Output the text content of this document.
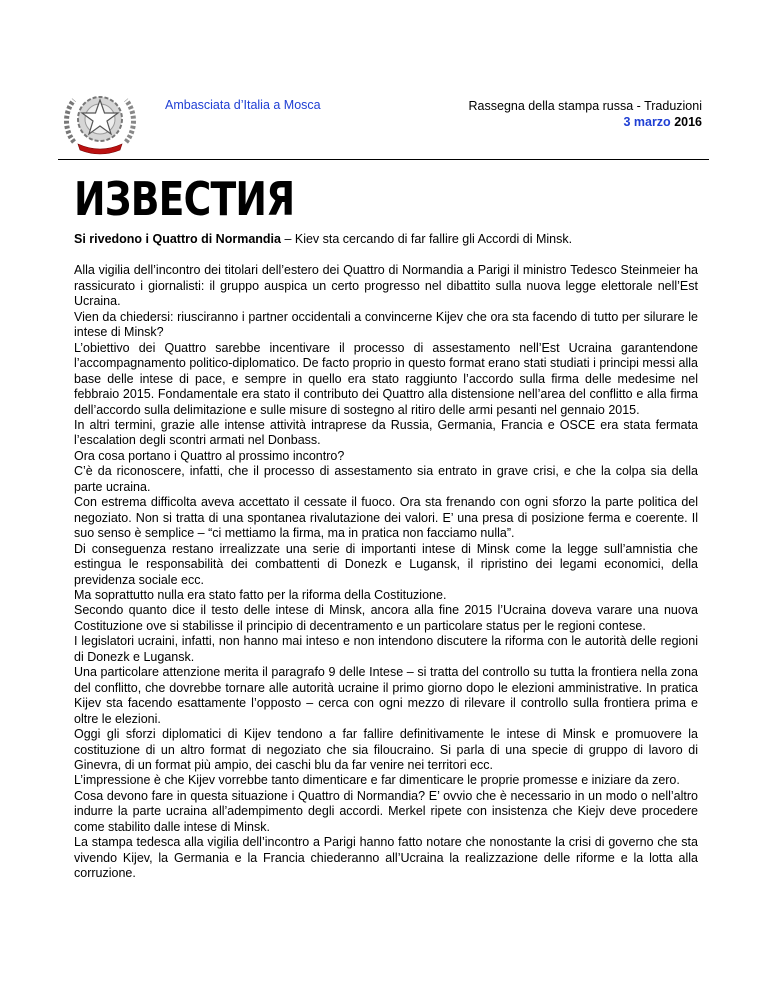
Ambasciata d’Italia a Mosca	Rassegna della stampa russa - Traduzioni
3 marzo 2016
ИЗВЕСТИЯ

Si rivedono i Quattro di Normandia – Kiev sta cercando di far fallire gli Accordi di Minsk.

Alla vigilia dell’incontro dei titolari dell’estero dei Quattro di Normandia a Parigi il ministro Tedesco Steinmeier ha rassicurato i giornalisti: il gruppo auspica un certo progresso nel dibattito sulla nuova legge elettorale nell’Est Ucraina.

Vien da chiedersi: riusciranno i partner occidentali a convincerne Kijev che ora sta facendo di tutto per silurare le intese di Minsk?

L’obiettivo dei Quattro sarebbe incentivare il processo di assestamento nell’Est Ucraina garantendone l’accompagnamento politico-diplomatico. De facto proprio in questo format erano stati studiati i principi messi alla base delle intese di pace, e sempre in quello era stato raggiunto l’accordo sulla firma delle medesime nel febbraio 2015. Fondamentale era stato il contributo dei Quattro alla distensione nell’area del conflitto e alla firma dell’accordo sulla delimitazione e sulle misure di sostegno al ritiro delle armi pesanti nel gennaio 2015.

In altri termini, grazie alle intense attività intraprese da Russia, Germania, Francia e OSCE era stata fermata l’escalation degli scontri armati nel Donbass.

Ora cosa portano i Quattro al prossimo incontro?

C’è da riconoscere, infatti, che il processo di assestamento sia entrato in grave crisi, e che la colpa sia della parte ucraina.

Con estrema difficolta aveva accettato il cessate il fuoco. Ora sta frenando con ogni sforzo la parte politica del negoziato. Non si tratta di una spontanea rivalutazione dei valori. E’ una presa di posizione ferma e coerente. Il suo senso è semplice – “ci mettiamo la firma, ma in pratica non facciamo nulla”.

Di conseguenza restano irrealizzate una serie di importanti intese di Minsk come la legge sull’amnistia che estingua le responsabilità dei combattenti di Donezk e Lugansk, il ripristino dei legami economici, della previdenza sociale ecc.

Ma soprattutto nulla era stato fatto per la riforma della Costituzione.

Secondo quanto dice il testo delle intese di Minsk, ancora alla fine 2015 l’Ucraina doveva varare una nuova Costituzione ove si stabilisse il principio di decentramento e un particolare status per le regioni contese.

I legislatori ucraini, infatti, non hanno mai inteso e non intendono discutere la riforma con le autorità delle regioni di Donezk e Lugansk.

Una particolare attenzione merita il paragrafo 9 delle Intese – si tratta del controllo su tutta la frontiera nella zona del conflitto, che dovrebbe tornare alle autorità ucraine il primo giorno dopo le elezioni amministrative. In pratica Kijev sta facendo esattamente l’opposto – cerca con ogni mezzo di rilevare il controllo sulla frontiera prima e oltre le elezioni.

Oggi gli sforzi diplomatici di Kijev tendono a far fallire definitivamente le intese di Minsk e promuovere la costituzione di un altro format di negoziato che sia filoucraino. Si parla di una specie di gruppo di lavoro di Ginevra, di un format più ampio, dei caschi blu da far venire nei territori ecc.

L’impressione è che Kijev vorrebbe tanto dimenticare e far dimenticare le proprie promesse e iniziare da zero.

Cosa devono fare in questa situazione i Quattro di Normandia? E’ ovvio che è necessario in un modo o nell’altro indurre la parte ucraina all’adempimento degli accordi. Merkel ripete con insistenza che Kiejv deve procedere come stabilito dalle intese di Minsk.

La stampa tedesca alla vigilia dell’incontro a Parigi hanno fatto notare che nonostante la crisi di governo che sta vivendo Kijev, la Germania e la Francia chiederanno all’Ucraina la realizzazione delle riforme e la lotta alla corruzione.
